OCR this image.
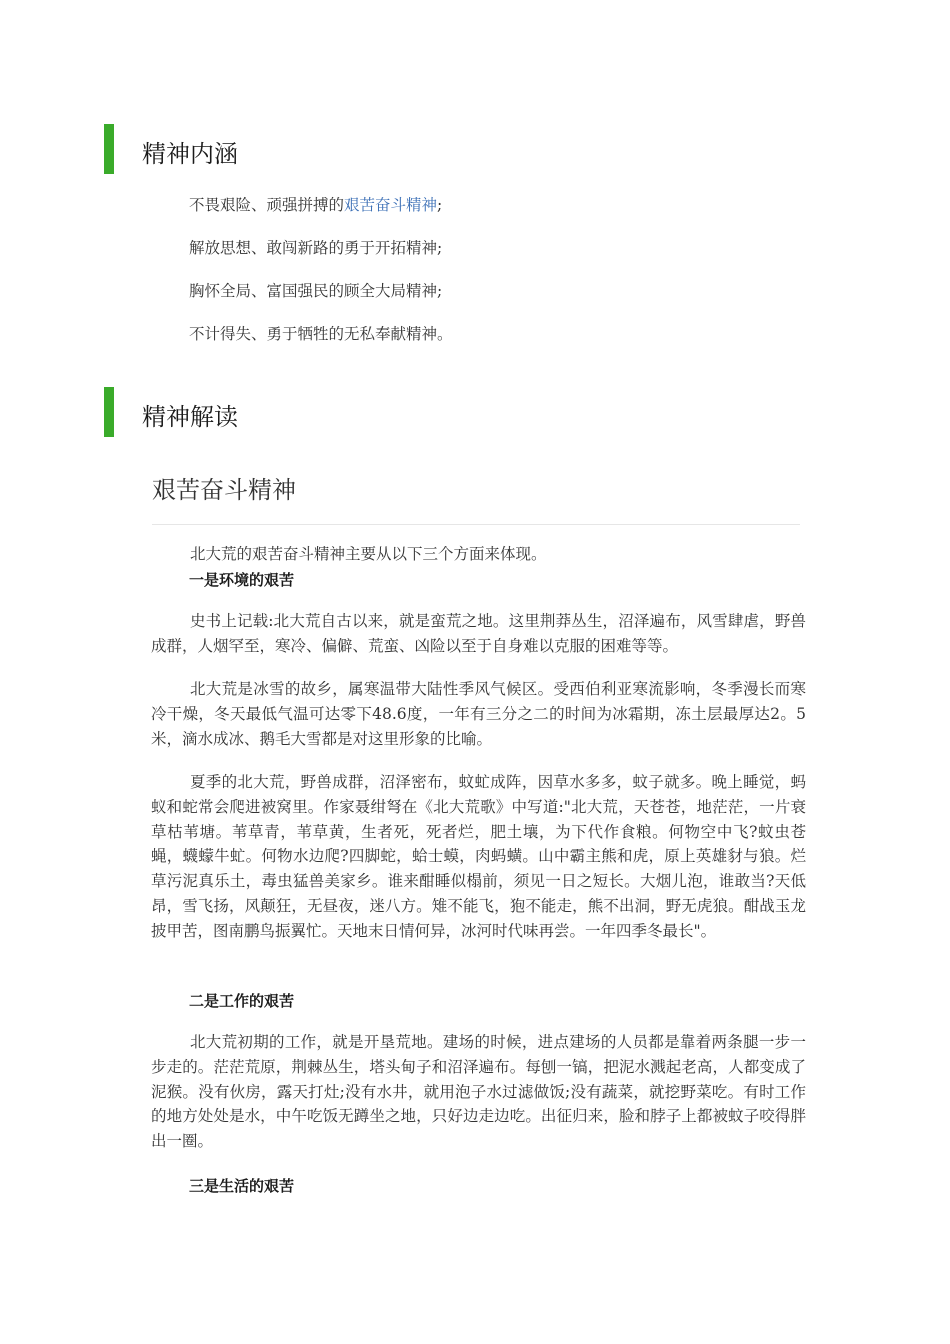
精神内涵
不畏艰险、顽强拼搏的艰苦奋斗精神;
解放思想、敢闯新路的勇于开拓精神;
胸怀全局、富国强民的顾全大局精神;
不计得失、勇于牺牲的无私奉献精神。
精神解读
艰苦奋斗精神

北大荒的艰苦奋斗精神主要从以下三个方面来体现。

一是环境的艰苦

史书上记载:北大荒自古以来，就是蛮荒之地。这里荆莽丛生，沼泽遍布，风雪肆虐，野兽成群，人烟罕至，寒冷、偏僻、荒蛮、凶险以至于自身难以克服的困难等等。

北大荒是冰雪的故乡，属寒温带大陆性季风气候区。受西伯利亚寒流影响，冬季漫长而寒冷干燥，冬天最低气温可达零下48.6度，一年有三分之二的时间为冰霜期，冻土层最厚达2。5米，滴水成冰、鹅毛大雪都是对这里形象的比喻。

夏季的北大荒，野兽成群，沼泽密布，蚊虻成阵，因草水多多，蚊子就多。晚上睡觉，蚂蚁和蛇常会爬进被窝里。作家聂绀弩在《北大荒歌》中写道:"北大荒，天苍苍，地茫茫，一片衰草枯苇塘。苇草青，苇草黄，生者死，死者烂，肥土壤，为下代作食粮。何物空中飞?蚊虫苍蝇，蠛蠓牛虻。何物水边爬?四脚蛇，蛤士蟆，肉蚂蟥。山中霸主熊和虎，原上英雄豺与狼。烂草污泥真乐土，毒虫猛兽美家乡。谁来酣睡似榻前，须见一日之短长。大烟儿泡，谁敢当?天低昂，雪飞扬，风颠狂，无昼夜，迷八方。雉不能飞，狍不能走，熊不出洞，野无虎狼。酣战玉龙披甲苦，图南鹏鸟振翼忙。天地末日情何异，冰河时代味再尝。一年四季冬最长"。

二是工作的艰苦

北大荒初期的工作，就是开垦荒地。建场的时候，进点建场的人员都是靠着两条腿一步一步走的。茫茫荒原，荆棘丛生，塔头甸子和沼泽遍布。每刨一镐，把泥水溅起老高，人都变成了泥猴。没有伙房，露天打灶;没有水井，就用泡子水过滤做饭;没有蔬菜，就挖野菜吃。有时工作的地方处处是水，中午吃饭无蹲坐之地，只好边走边吃。出征归来，脸和脖子上都被蚊子咬得胖出一圈。

三是生活的艰苦
